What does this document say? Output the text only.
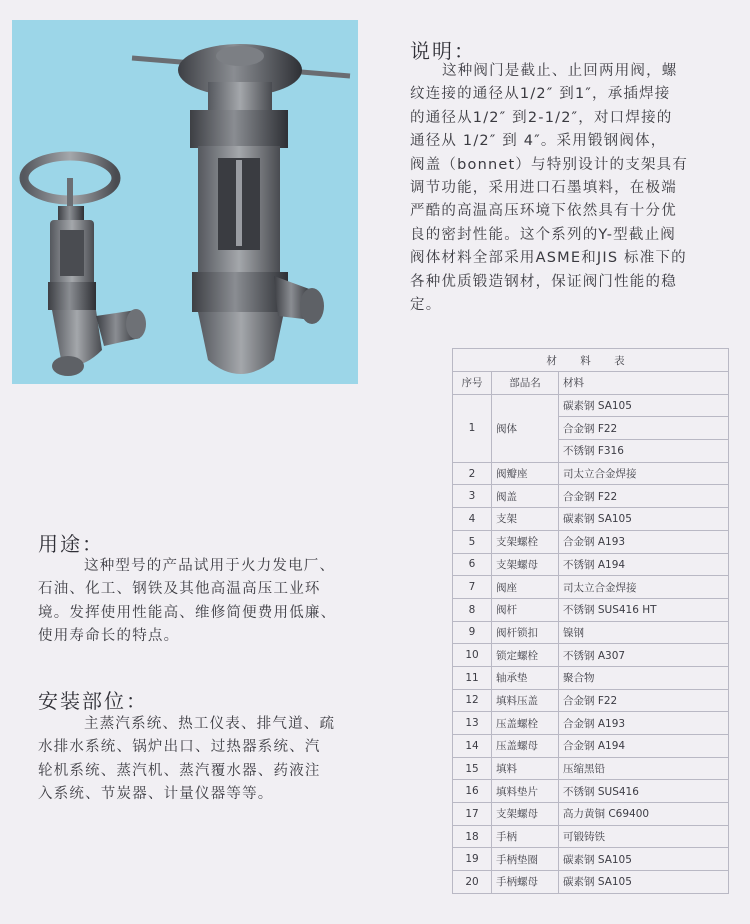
说明：
这种阀门是截止、止回两用阀，螺
纹连接的通径从1/2″ 到1″，承插焊接
的通径从1/2″ 到2-1/2″，对口焊接的
通径从 1/2″ 到 4″。采用锻钢阀体，
阀盖（bonnet）与特别设计的支架具有
调节功能，采用进口石墨填料，在极端
严酷的高温高压环境下依然具有十分优
良的密封性能。这个系列的Y-型截止阀
阀体材料全部采用ASME和JIS 标准下的
各种优质锻造钢材，保证阀门性能的稳
定。
用途：
这种型号的产品试用于火力发电厂、
石油、化工、钢铁及其他高温高压工业环
境。发挥使用性能高、维修简便费用低廉、
使用寿命长的特点。
安装部位：
主蒸汽系统、热工仪表、排气道、疏
水排水系统、锅炉出口、过热器系统、汽
轮机系统、蒸汽机、蒸汽覆水器、药液注
入系统、节炭器、计量仪器等等。
材 料 表		
序号	部品名	材料
1	阀体	碳素钢 SA105
		合金钢 F22
		不锈钢 F316
2	阀瓣座	司太立合金焊接
3	阀盖	合金钢 F22
4	支架	碳素钢 SA105
5	支架螺栓	合金钢 A193
6	支架螺母	不锈钢 A194
7	阀座	司太立合金焊接
8	阀杆	不锈钢 SUS416 HT
9	阀杆锁扣	镍钢
10	锁定螺栓	不锈钢 A307
11	轴承垫	聚合物
12	填料压盖	合金钢 F22
13	压盖螺栓	合金钢 A193
14	压盖螺母	合金钢 A194
15	填料	压缩黑铅
16	填料垫片	不锈钢 SUS416
17	支架螺母	高力黄铜 C69400
18	手柄	可锻铸铁
19	手柄垫圈	碳素钢 SA105
20	手柄螺母	碳素钢 SA105
